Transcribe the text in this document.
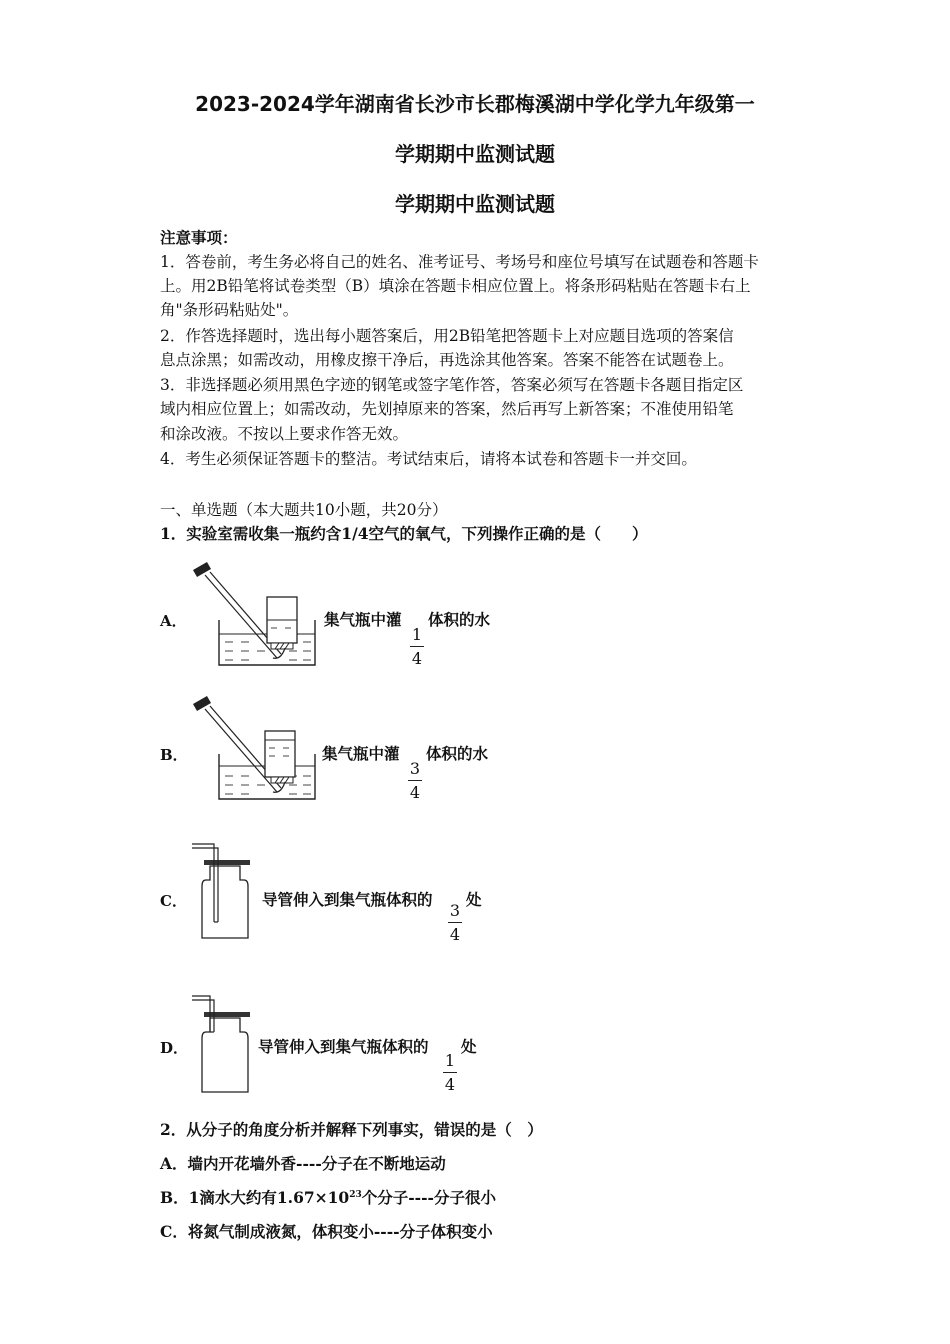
2023-2024学年湖南省长沙市长郡梅溪湖中学化学九年级第一
学期期中监测试题
学期期中监测试题
注意事项：
1．答卷前，考生务必将自己的姓名、准考证号、考场号和座位号填写在试题卷和答题卡
上。用2B铅笔将试卷类型（B）填涂在答题卡相应位置上。将条形码粘贴在答题卡右上
角"条形码粘贴处"。
2．作答选择题时，选出每小题答案后，用2B铅笔把答题卡上对应题目选项的答案信
息点涂黑；如需改动，用橡皮擦干净后，再选涂其他答案。答案不能答在试题卷上。
3．非选择题必须用黑色字迹的钢笔或签字笔作答，答案必须写在答题卡各题目指定区
域内相应位置上；如需改动，先划掉原来的答案，然后再写上新答案；不准使用铅笔
和涂改液。不按以上要求作答无效。
4．考生必须保证答题卡的整洁。考试结束后，请将本试卷和答题卡一并交回。
一、单选题（本大题共10小题，共20分）
1．实验室需收集一瓶约含1/4空气的氧气，下列操作正确的是（　　）
A．	集气瓶中灌
1
4
体积的水
B．	集气瓶中灌
3
4
体积的水
C．	导管伸入到集气瓶体积的
3
4
处
D．	导管伸入到集气瓶体积的
1
4
处
2．从分子的角度分析并解释下列事实，错误的是（　）
A．墙内开花墙外香----分子在不断地运动
B．1滴水大约有$1.67\times 10^{23}$个分子----分子很小
C．将氮气制成液氮，体积变小----分子体积变小
